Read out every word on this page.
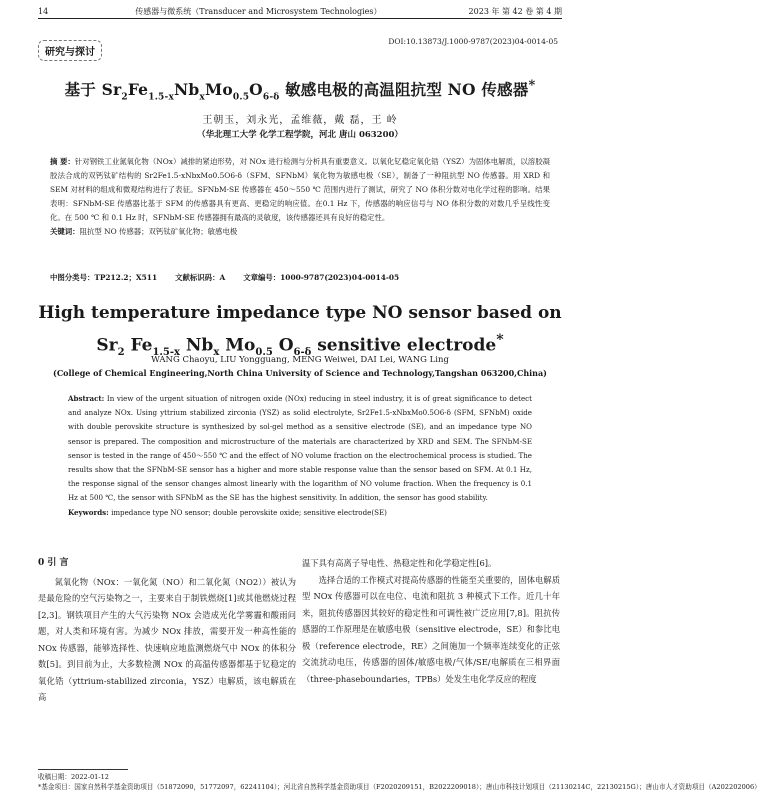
14	传感器与微系统（Transducer and Microsystem Technologies）	2023 年 第 42 卷 第 4 期
研究与探讨
DOI:10.13873/J.1000-9787(2023)04-0014-05
基于 $Sr_2Fe_{1.5-x}Nb_xMo_{0.5}O_{6-\delta}$ 敏感电极的高温阻抗型 NO 传感器*
王朝玉，刘永光，孟维薇，戴 磊，王 岭
（华北理工大学 化学工程学院，河北 唐山 063200）
摘 要：针对钢铁工业氮氧化物（NOx）减排的紧迫形势，对 NOx 进行检测与分析具有重要意义。以氧化钇稳定氧化锆（YSZ）为固体电解质，以溶胶凝胶法合成的双钙钛矿结构的 Sr2Fe1.5-xNbxMo0.5O6-δ（SFM、SFNbM）氧化物为敏感电极（SE），制备了一种阻抗型 NO 传感器。用 XRD 和 SEM 对材料的组成和微观结构进行了表征。SFNbM-SE 传感器在 450～550 ℃ 范围内进行了测试，研究了 NO 体积分数对电化学过程的影响。结果表明：SFNbM-SE 传感器比基于 SFM 的传感器具有更高、更稳定的响应值。在0.1 Hz 下，传感器的响应信号与 NO 体积分数的对数几乎呈线性变化。在 500 ℃ 和 0.1 Hz 时，SFNbM-SE 传感器拥有最高的灵敏度，该传感器还具有良好的稳定性。
关键词：阻抗型 NO 传感器；双钙钛矿氧化物；敏感电极
中图分类号：TP212.2；X511 文献标识码：A 文章编号：1000-9787(2023)04-0014-05
High temperature impedance type NO sensor based on
$Sr_2$ $Fe_{1.5-x}$ $Nb_x$ $Mo_{0.5}$ $O_{6-\delta}$ sensitive electrode*
WANG Chaoyu, LIU Yongguang, MENG Weiwei, DAI Lei, WANG Ling
(College of Chemical Engineering,North China University of Science and Technology,Tangshan 063200,China)
Abstract: In view of the urgent situation of nitrogen oxide (NOx) reducing in steel industry, it is of great significance to detect and analyze NOx. Using yttrium stabilized zirconia (YSZ) as solid electrolyte, Sr2Fe1.5-xNbxMo0.5O6-δ (SFM, SFNbM) oxide with double perovskite structure is synthesized by sol-gel method as a sensitive electrode (SE), and an impedance type NO sensor is prepared. The composition and microstructure of the materials are characterized by XRD and SEM. The SFNbM-SE sensor is tested in the range of 450～550 ℃ and the effect of NO volume fraction on the electrochemical process is studied. The results show that the SFNbM-SE sensor has a higher and more stable response value than the sensor based on SFM. At 0.1 Hz, the response signal of the sensor changes almost linearly with the logarithm of NO volume fraction. When the frequency is 0.1 Hz at 500 ℃, the sensor with SFNbM as the SE has the highest sensitivity. In addition, the sensor has good stability.
Keywords: impedance type NO sensor; double perovskite oxide; sensitive electrode(SE)
0 引 言

氮氧化物（NOx：一氧化氮（NO）和二氧化氮（NO2））被认为是最危险的空气污染物之一，主要来自于制铁燃烧[1]或其他燃烧过程[2,3]。钢铁项目产生的大气污染物 NOx 会造成光化学雾霾和酸雨问题，对人类和环境有害。为减少 NOx 排放，需要开发一种高性能的 NOx 传感器，能够选择性、快速响应地监测燃烧气中 NOx 的体积分数[5]。到目前为止，大多数检测 NOx 的高温传感器都基于钇稳定的氧化锆（yttrium-stabilized zirconia，YSZ）电解质，该电解质在高

温下具有高离子导电性、热稳定性和化学稳定性[6]。

选择合适的工作模式对提高传感器的性能至关重要的，固体电解质型 NOx 传感器可以在电位、电流和阻抗 3 种模式下工作。近几十年来，阻抗传感器因其较好的稳定性和可调性被广泛应用[7,8]。阻抗传感器的工作原理是在敏感电极（sensitive electrode，SE）和参比电极（reference electrode，RE）之间施加一个频率连续变化的正弦交流扰动电压，传感器的固体/敏感电极/气体/SE/电解质在三相界面（three-phaseboundaries，TPBs）处发生电化学反应的程度

收稿日期：2022-01-12
*基金项目：国家自然科学基金资助项目（51872090，51772097，62241104）；河北省自然科学基金资助项目（F2020209151，B2022209018）；唐山市科技计划项目（21130214C，22130215G）；唐山市人才资助项目（A202202006）
